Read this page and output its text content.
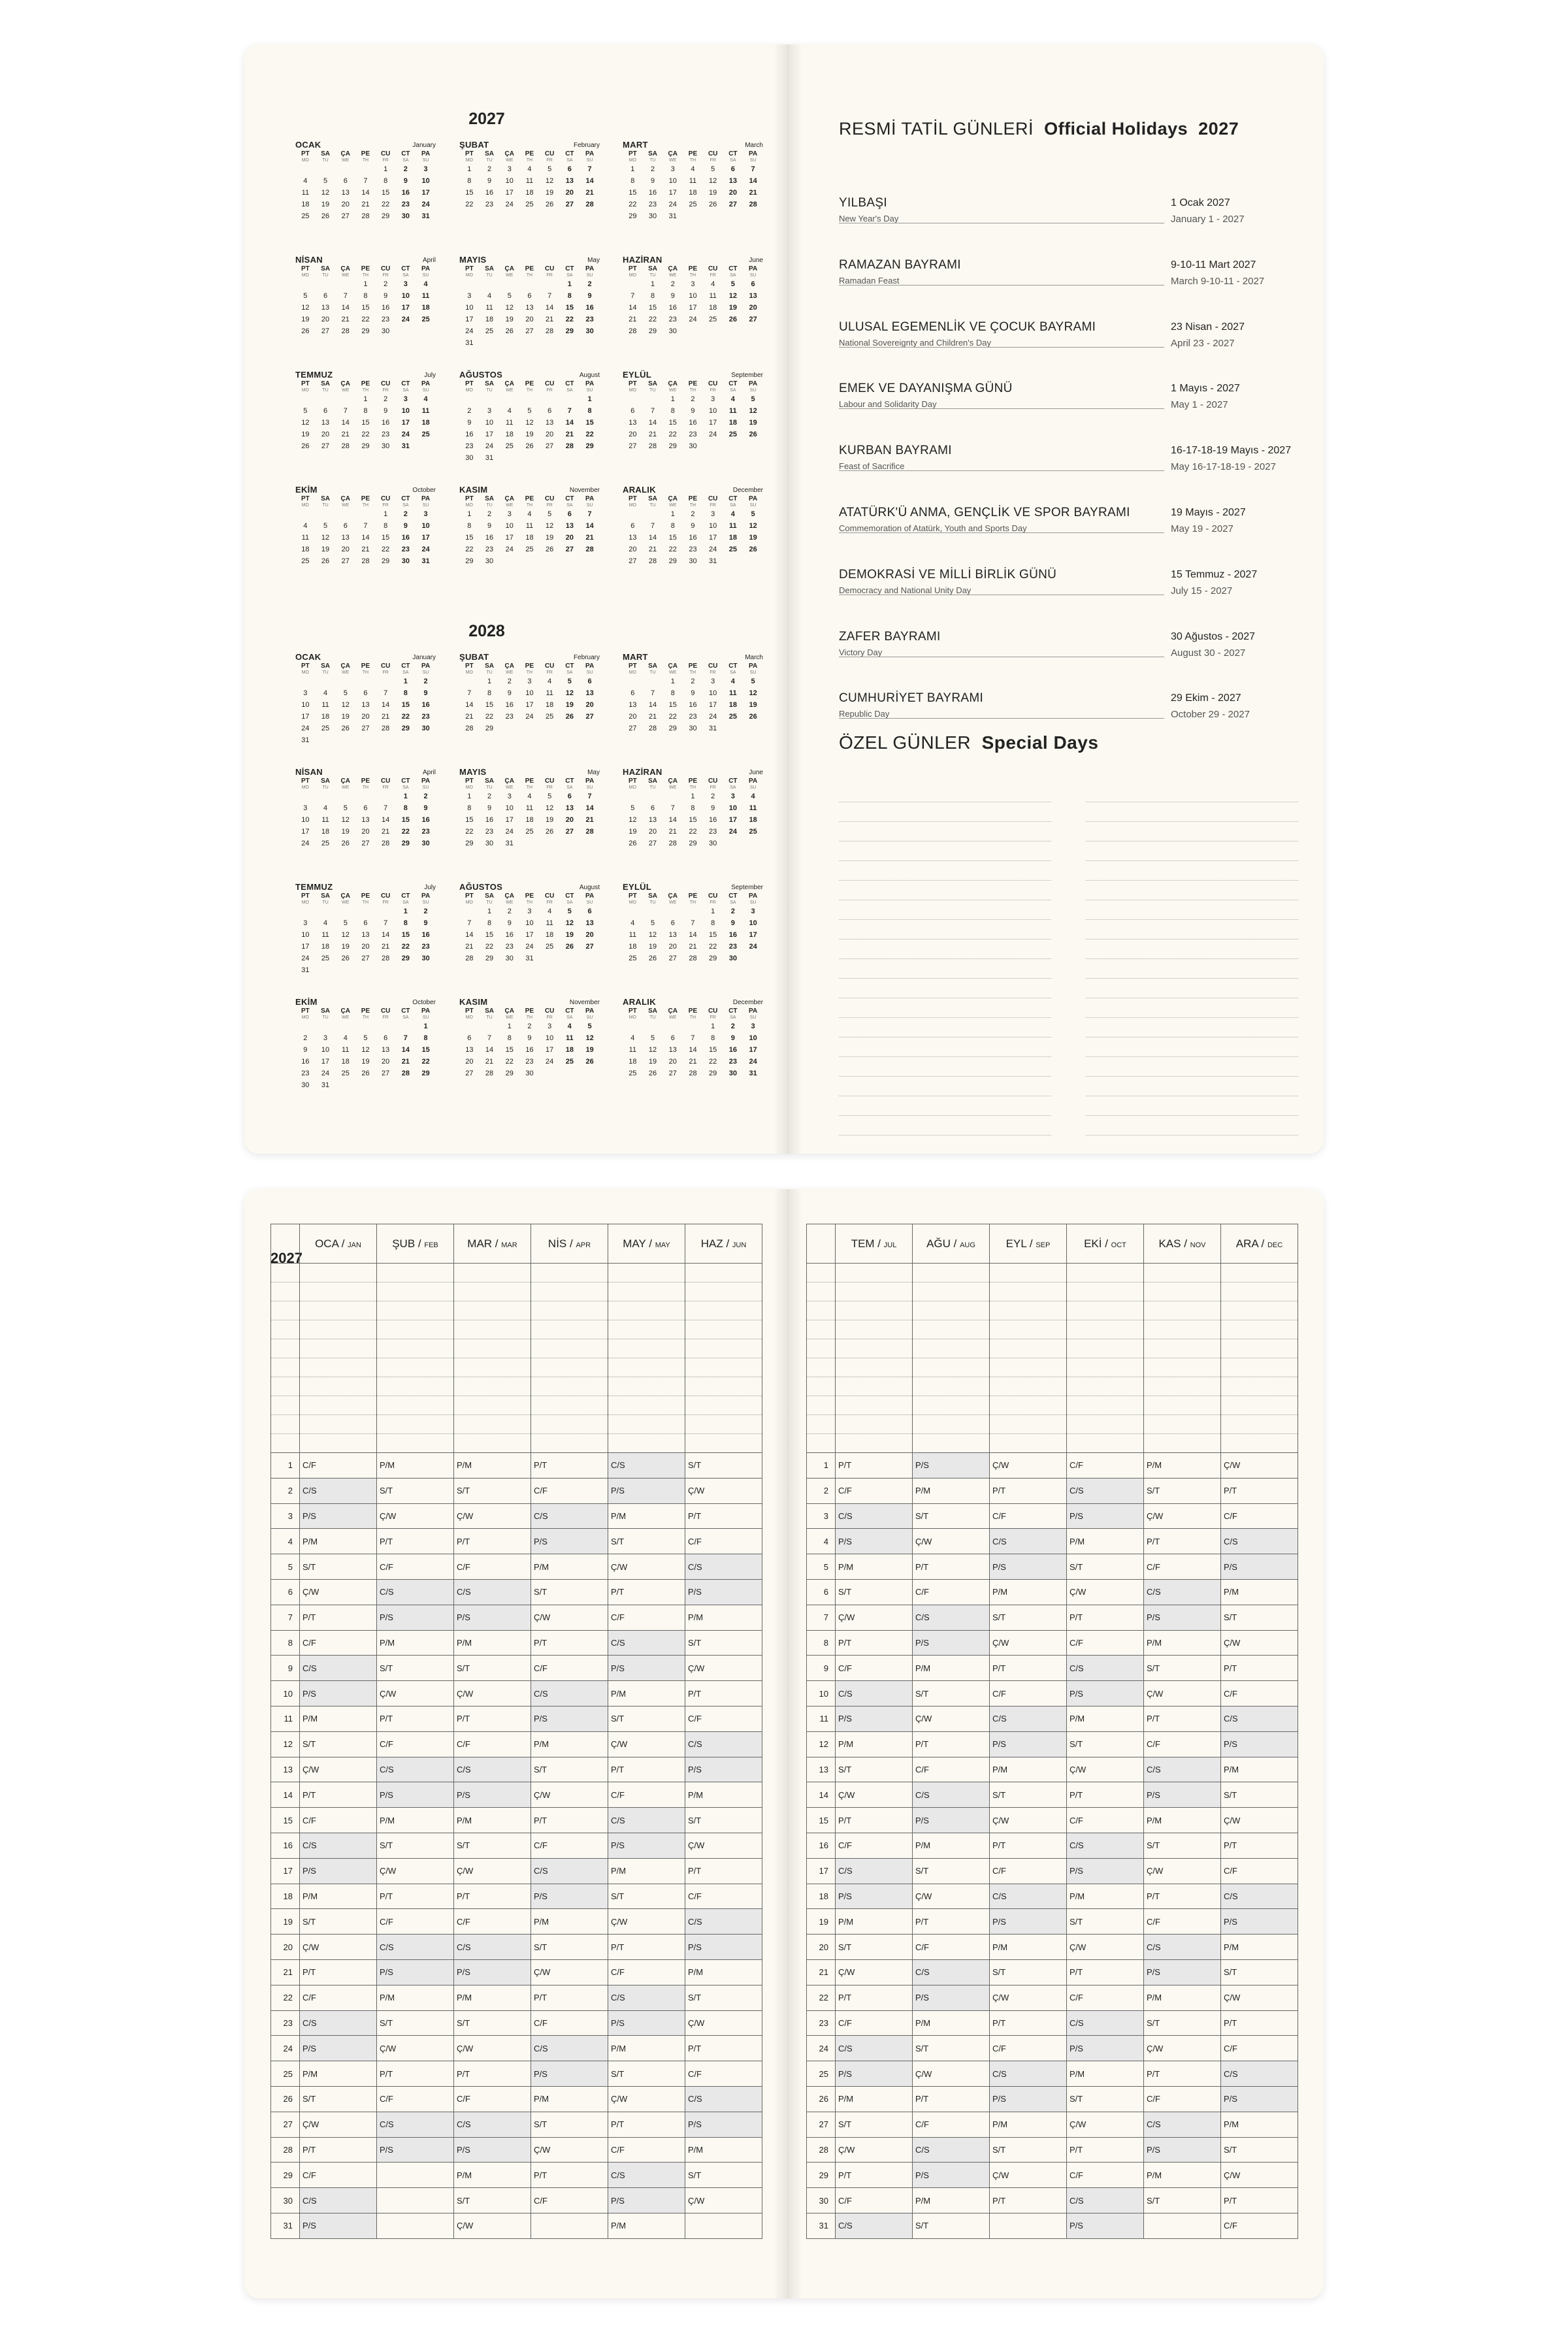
2027
OCAK	January
PT	SA	ÇA	PE	CU	CT	PA
MO	TU	WE	TH	FR	SA	SU
				1	2	3
4	5	6	7	8	9	10
11	12	13	14	15	16	17
18	19	20	21	22	23	24
25	26	27	28	29	30	31
ŞUBAT	February
PT	SA	ÇA	PE	CU	CT	PA
MO	TU	WE	TH	FR	SA	SU
1	2	3	4	5	6	7
8	9	10	11	12	13	14
15	16	17	18	19	20	21
22	23	24	25	26	27	28
MART	March
PT	SA	ÇA	PE	CU	CT	PA
MO	TU	WE	TH	FR	SA	SU
1	2	3	4	5	6	7
8	9	10	11	12	13	14
15	16	17	18	19	20	21
22	23	24	25	26	27	28
29	30	31				
NİSAN	April
PT	SA	ÇA	PE	CU	CT	PA
MO	TU	WE	TH	FR	SA	SU
			1	2	3	4
5	6	7	8	9	10	11
12	13	14	15	16	17	18
19	20	21	22	23	24	25
26	27	28	29	30		
MAYIS	May
PT	SA	ÇA	PE	CU	CT	PA
MO	TU	WE	TH	FR	SA	SU
					1	2
3	4	5	6	7	8	9
10	11	12	13	14	15	16
17	18	19	20	21	22	23
24	25	26	27	28	29	30
31						
HAZİRAN	June
PT	SA	ÇA	PE	CU	CT	PA
MO	TU	WE	TH	FR	SA	SU
	1	2	3	4	5	6
7	8	9	10	11	12	13
14	15	16	17	18	19	20
21	22	23	24	25	26	27
28	29	30				
TEMMUZ	July
PT	SA	ÇA	PE	CU	CT	PA
MO	TU	WE	TH	FR	SA	SU
			1	2	3	4
5	6	7	8	9	10	11
12	13	14	15	16	17	18
19	20	21	22	23	24	25
26	27	28	29	30	31	
AĞUSTOS	August
PT	SA	ÇA	PE	CU	CT	PA
MO	TU	WE	TH	FR	SA	SU
						1
2	3	4	5	6	7	8
9	10	11	12	13	14	15
16	17	18	19	20	21	22
23	24	25	26	27	28	29
30	31					
EYLÜL	September
PT	SA	ÇA	PE	CU	CT	PA
MO	TU	WE	TH	FR	SA	SU
		1	2	3	4	5
6	7	8	9	10	11	12
13	14	15	16	17	18	19
20	21	22	23	24	25	26
27	28	29	30			
EKİM	October
PT	SA	ÇA	PE	CU	CT	PA
MO	TU	WE	TH	FR	SA	SU
				1	2	3
4	5	6	7	8	9	10
11	12	13	14	15	16	17
18	19	20	21	22	23	24
25	26	27	28	29	30	31
KASIM	November
PT	SA	ÇA	PE	CU	CT	PA
MO	TU	WE	TH	FR	SA	SU
1	2	3	4	5	6	7
8	9	10	11	12	13	14
15	16	17	18	19	20	21
22	23	24	25	26	27	28
29	30					
ARALIK	December
PT	SA	ÇA	PE	CU	CT	PA
MO	TU	WE	TH	FR	SA	SU
		1	2	3	4	5
6	7	8	9	10	11	12
13	14	15	16	17	18	19
20	21	22	23	24	25	26
27	28	29	30	31		
2028
OCAK	January
PT	SA	ÇA	PE	CU	CT	PA
MO	TU	WE	TH	FR	SA	SU
					1	2
3	4	5	6	7	8	9
10	11	12	13	14	15	16
17	18	19	20	21	22	23
24	25	26	27	28	29	30
31						
ŞUBAT	February
PT	SA	ÇA	PE	CU	CT	PA
MO	TU	WE	TH	FR	SA	SU
	1	2	3	4	5	6
7	8	9	10	11	12	13
14	15	16	17	18	19	20
21	22	23	24	25	26	27
28	29					
MART	March
PT	SA	ÇA	PE	CU	CT	PA
MO	TU	WE	TH	FR	SA	SU
		1	2	3	4	5
6	7	8	9	10	11	12
13	14	15	16	17	18	19
20	21	22	23	24	25	26
27	28	29	30	31		
NİSAN	April
PT	SA	ÇA	PE	CU	CT	PA
MO	TU	WE	TH	FR	SA	SU
					1	2
3	4	5	6	7	8	9
10	11	12	13	14	15	16
17	18	19	20	21	22	23
24	25	26	27	28	29	30
MAYIS	May
PT	SA	ÇA	PE	CU	CT	PA
MO	TU	WE	TH	FR	SA	SU
1	2	3	4	5	6	7
8	9	10	11	12	13	14
15	16	17	18	19	20	21
22	23	24	25	26	27	28
29	30	31				
HAZİRAN	June
PT	SA	ÇA	PE	CU	CT	PA
MO	TU	WE	TH	FR	SA	SU
			1	2	3	4
5	6	7	8	9	10	11
12	13	14	15	16	17	18
19	20	21	22	23	24	25
26	27	28	29	30		
TEMMUZ	July
PT	SA	ÇA	PE	CU	CT	PA
MO	TU	WE	TH	FR	SA	SU
					1	2
3	4	5	6	7	8	9
10	11	12	13	14	15	16
17	18	19	20	21	22	23
24	25	26	27	28	29	30
31						
AĞUSTOS	August
PT	SA	ÇA	PE	CU	CT	PA
MO	TU	WE	TH	FR	SA	SU
	1	2	3	4	5	6
7	8	9	10	11	12	13
14	15	16	17	18	19	20
21	22	23	24	25	26	27
28	29	30	31			
EYLÜL	September
PT	SA	ÇA	PE	CU	CT	PA
MO	TU	WE	TH	FR	SA	SU
				1	2	3
4	5	6	7	8	9	10
11	12	13	14	15	16	17
18	19	20	21	22	23	24
25	26	27	28	29	30	
EKİM	October
PT	SA	ÇA	PE	CU	CT	PA
MO	TU	WE	TH	FR	SA	SU
						1
2	3	4	5	6	7	8
9	10	11	12	13	14	15
16	17	18	19	20	21	22
23	24	25	26	27	28	29
30	31					
KASIM	November
PT	SA	ÇA	PE	CU	CT	PA
MO	TU	WE	TH	FR	SA	SU
		1	2	3	4	5
6	7	8	9	10	11	12
13	14	15	16	17	18	19
20	21	22	23	24	25	26
27	28	29	30			
ARALIK	December
PT	SA	ÇA	PE	CU	CT	PA
MO	TU	WE	TH	FR	SA	SU
				1	2	3
4	5	6	7	8	9	10
11	12	13	14	15	16	17
18	19	20	21	22	23	24
25	26	27	28	29	30	31
RESMİ TATİL GÜNLERİ Official Holidays 2027
YILBAŞI
New Year's Day
1 Ocak 2027
January 1 - 2027
RAMAZAN BAYRAMI
Ramadan Feast
9-10-11 Mart 2027
March 9-10-11 - 2027
ULUSAL EGEMENLİK VE ÇOCUK BAYRAMI
National Sovereignty and Children's Day
23 Nisan - 2027
April 23 - 2027
EMEK VE DAYANIŞMA GÜNÜ
Labour and Solidarity Day
1 Mayıs - 2027
May 1 - 2027
KURBAN BAYRAMI
Feast of Sacrifice
16-17-18-19 Mayıs - 2027
May 16-17-18-19 - 2027
ATATÜRK'Ü ANMA, GENÇLİK VE SPOR BAYRAMI
Commemoration of Atatürk, Youth and Sports Day
19 Mayıs - 2027
May 19 - 2027
DEMOKRASİ VE MİLLİ BİRLİK GÜNÜ
Democracy and National Unity Day
15 Temmuz - 2027
July 15 - 2027
ZAFER BAYRAMI
Victory Day
30 Ağustos - 2027
August 30 - 2027
CUMHURİYET BAYRAMI
Republic Day
29 Ekim - 2027
October 29 - 2027
ÖZEL GÜNLER Special Days
2027
	OCA / JAN	ŞUB / FEB	MAR / MAR	NİS / APR	MAY / MAY	HAZ / JUN

1	C/F	P/M	P/M	P/T	C/S	S/T
2	C/S	S/T	S/T	C/F	P/S	Ç/W
3	P/S	Ç/W	Ç/W	C/S	P/M	P/T
4	P/M	P/T	P/T	P/S	S/T	C/F
5	S/T	C/F	C/F	P/M	Ç/W	C/S
6	Ç/W	C/S	C/S	S/T	P/T	P/S
7	P/T	P/S	P/S	Ç/W	C/F	P/M
8	C/F	P/M	P/M	P/T	C/S	S/T
9	C/S	S/T	S/T	C/F	P/S	Ç/W
10	P/S	Ç/W	Ç/W	C/S	P/M	P/T
11	P/M	P/T	P/T	P/S	S/T	C/F
12	S/T	C/F	C/F	P/M	Ç/W	C/S
13	Ç/W	C/S	C/S	S/T	P/T	P/S
14	P/T	P/S	P/S	Ç/W	C/F	P/M
15	C/F	P/M	P/M	P/T	C/S	S/T
16	C/S	S/T	S/T	C/F	P/S	Ç/W
17	P/S	Ç/W	Ç/W	C/S	P/M	P/T
18	P/M	P/T	P/T	P/S	S/T	C/F
19	S/T	C/F	C/F	P/M	Ç/W	C/S
20	Ç/W	C/S	C/S	S/T	P/T	P/S
21	P/T	P/S	P/S	Ç/W	C/F	P/M
22	C/F	P/M	P/M	P/T	C/S	S/T
23	C/S	S/T	S/T	C/F	P/S	Ç/W
24	P/S	Ç/W	Ç/W	C/S	P/M	P/T
25	P/M	P/T	P/T	P/S	S/T	C/F
26	S/T	C/F	C/F	P/M	Ç/W	C/S
27	Ç/W	C/S	C/S	S/T	P/T	P/S
28	P/T	P/S	P/S	Ç/W	C/F	P/M
29	C/F		P/M	P/T	C/S	S/T
30	C/S		S/T	C/F	P/S	Ç/W
31	P/S		Ç/W		P/M	
	TEM / JUL	AĞU / AUG	EYL / SEP	EKİ / OCT	KAS / NOV	ARA / DEC

1	P/T	P/S	Ç/W	C/F	P/M	Ç/W
2	C/F	P/M	P/T	C/S	S/T	P/T
3	C/S	S/T	C/F	P/S	Ç/W	C/F
4	P/S	Ç/W	C/S	P/M	P/T	C/S
5	P/M	P/T	P/S	S/T	C/F	P/S
6	S/T	C/F	P/M	Ç/W	C/S	P/M
7	Ç/W	C/S	S/T	P/T	P/S	S/T
8	P/T	P/S	Ç/W	C/F	P/M	Ç/W
9	C/F	P/M	P/T	C/S	S/T	P/T
10	C/S	S/T	C/F	P/S	Ç/W	C/F
11	P/S	Ç/W	C/S	P/M	P/T	C/S
12	P/M	P/T	P/S	S/T	C/F	P/S
13	S/T	C/F	P/M	Ç/W	C/S	P/M
14	Ç/W	C/S	S/T	P/T	P/S	S/T
15	P/T	P/S	Ç/W	C/F	P/M	Ç/W
16	C/F	P/M	P/T	C/S	S/T	P/T
17	C/S	S/T	C/F	P/S	Ç/W	C/F
18	P/S	Ç/W	C/S	P/M	P/T	C/S
19	P/M	P/T	P/S	S/T	C/F	P/S
20	S/T	C/F	P/M	Ç/W	C/S	P/M
21	Ç/W	C/S	S/T	P/T	P/S	S/T
22	P/T	P/S	Ç/W	C/F	P/M	Ç/W
23	C/F	P/M	P/T	C/S	S/T	P/T
24	C/S	S/T	C/F	P/S	Ç/W	C/F
25	P/S	Ç/W	C/S	P/M	P/T	C/S
26	P/M	P/T	P/S	S/T	C/F	P/S
27	S/T	C/F	P/M	Ç/W	C/S	P/M
28	Ç/W	C/S	S/T	P/T	P/S	S/T
29	P/T	P/S	Ç/W	C/F	P/M	Ç/W
30	C/F	P/M	P/T	C/S	S/T	P/T
31	C/S	S/T		P/S		C/F
